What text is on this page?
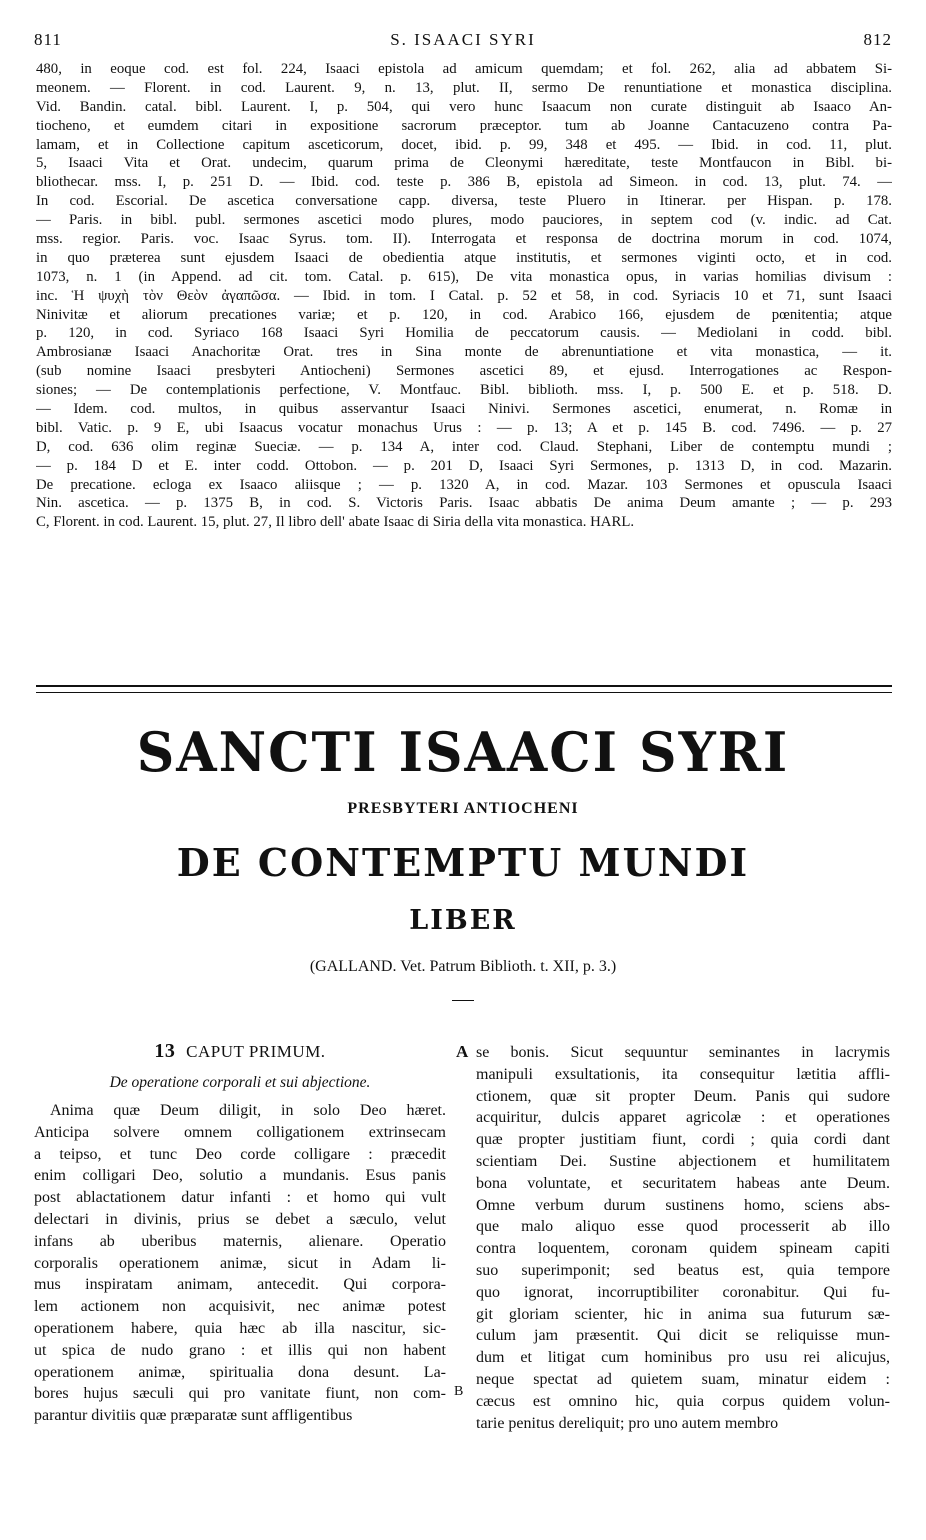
811	S. ISAACI SYRI	812
480, in eoque cod. est fol. 224, Isaaci epistola ad amicum quemdam; et fol. 262, alia ad abbatem Si-
meonem. — Florent. in cod. Laurent. 9, n. 13, plut. II, sermo De renuntiatione et monastica disciplina.
Vid. Bandin. catal. bibl. Laurent. I, p. 504, qui vero hunc Isaacum non curate distinguit ab Isaaco An-
tiocheno, et eumdem citari in expositione sacrorum præceptor. tum ab Joanne Cantacuzeno contra Pa-
lamam, et in Collectione capitum asceticorum, docet, ibid. p. 99, 348 et 495. — Ibid. in cod. 11, plut.
5, Isaaci Vita et Orat. undecim, quarum prima de Cleonymi hæreditate, teste Montfaucon in Bibl. bi-
bliothecar. mss. I, p. 251 D. — Ibid. cod. teste p. 386 B, epistola ad Simeon. in cod. 13, plut. 74. —
In cod. Escorial. De ascetica conversatione capp. diversa, teste Pluero in Itinerar. per Hispan. p. 178.
— Paris. in bibl. publ. sermones ascetici modo plures, modo pauciores, in septem cod (v. indic. ad Cat.
mss. regior. Paris. voc. Isaac Syrus. tom. II). Interrogata et responsa de doctrina morum in cod. 1074,
in quo præterea sunt ejusdem Isaaci de obedientia atque institutis, et sermones viginti octo, et in cod.
1073, n. 1 (in Append. ad cit. tom. Catal. p. 615), De vita monastica opus, in varias homilias divisum :
inc. Ἡ ψυχὴ τὸν Θεὸν ἀγαπῶσα. — Ibid. in tom. I Catal. p. 52 et 58, in cod. Syriacis 10 et 71, sunt Isaaci
Ninivitæ et aliorum precationes variæ; et p. 120, in cod. Arabico 166, ejusdem de pœnitentia; atque
p. 120, in cod. Syriaco 168 Isaaci Syri Homilia de peccatorum causis. — Mediolani in codd. bibl.
Ambrosianæ Isaaci Anachoritæ Orat. tres in Sina monte de abrenuntiatione et vita monastica, — it.
(sub nomine Isaaci presbyteri Antiocheni) Sermones ascetici 89, et ejusd. Interrogationes ac Respon-
siones; — De contemplationis perfectione, V. Montfauc. Bibl. biblioth. mss. I, p. 500 E. et p. 518. D.
— Idem. cod. multos, in quibus asservantur Isaaci Ninivi. Sermones ascetici, enumerat, n. Romæ in
bibl. Vatic. p. 9 E, ubi Isaacus vocatur monachus Urus : — p. 13; A et p. 145 B. cod. 7496. — p. 27
D, cod. 636 olim reginæ Sueciæ. — p. 134 A, inter cod. Claud. Stephani, Liber de contemptu mundi ;
— p. 184 D et E. inter codd. Ottobon. — p. 201 D, Isaaci Syri Sermones, p. 1313 D, in cod. Mazarin.
De precatione. ecloga ex Isaaco aliisque ; — p. 1320 A, in cod. Mazar. 103 Sermones et opuscula Isaaci
Nin. ascetica. — p. 1375 B, in cod. S. Victoris Paris. Isaac abbatis De anima Deum amante ; — p. 293
C, Florent. in cod. Laurent. 15, plut. 27, Il libro dell' abate Isaac di Siria della vita monastica. HARL.
SANCTI ISAACI SYRI
PRESBYTERI ANTIOCHENI
DE CONTEMPTU MUNDI
LIBER
(GALLAND. Vet. Patrum Biblioth. t. XII, p. 3.)
13 CAPUT PRIMUM.
De operatione corporali et sui abjectione.
Anima quæ Deum diligit, in solo Deo hæret.
Anticipa solvere omnem colligationem extrinsecam
a teipso, et tunc Deo corde colligare : præcedit
enim colligari Deo, solutio a mundanis. Esus panis
post ablactationem datur infanti : et homo qui vult
delectari in divinis, prius se debet a sæculo, velut
infans ab uberibus maternis, alienare. Operatio
corporalis operationem animæ, sicut in Adam li-
mus inspiratam animam, antecedit. Qui corpora-
lem actionem non acquisivit, nec animæ potest
operationem habere, quia hæc ab illa nascitur, sic-
ut spica de nudo grano : et illis qui non habent
operationem animæ, spiritualia dona desunt. La-
bores hujus sæculi qui pro vanitate fiunt, non com-
parantur divitiis quæ præparatæ sunt affligentibus
se bonis. Sicut sequuntur seminantes in lacrymis
manipuli exsultationis, ita consequitur lætitia affli-
ctionem, quæ sit propter Deum. Panis qui sudore
acquiritur, dulcis apparet agricolæ : et operationes
quæ propter justitiam fiunt, cordi ; quia cordi dant
scientiam Dei. Sustine abjectionem et humilitatem
bona voluntate, et securitatem habeas ante Deum.
Omne verbum durum sustinens homo, sciens abs-
que malo aliquo esse quod processerit ab illo
contra loquentem, coronam quidem spineam capiti
suo superimponit; sed beatus est, quia tempore
quo ignorat, incorruptibiliter coronabitur. Qui fu-
git gloriam scienter, hic in anima sua futurum sæ-
culum jam præsentit. Qui dicit se reliquisse mun-
dum et litigat cum hominibus pro usu rei alicujus,
neque spectat ad quietem suam, minatur eidem :
cæcus est omnino hic, quia corpus quidem volun-
tarie penitus dereliquit; pro uno autem membro
A
B
